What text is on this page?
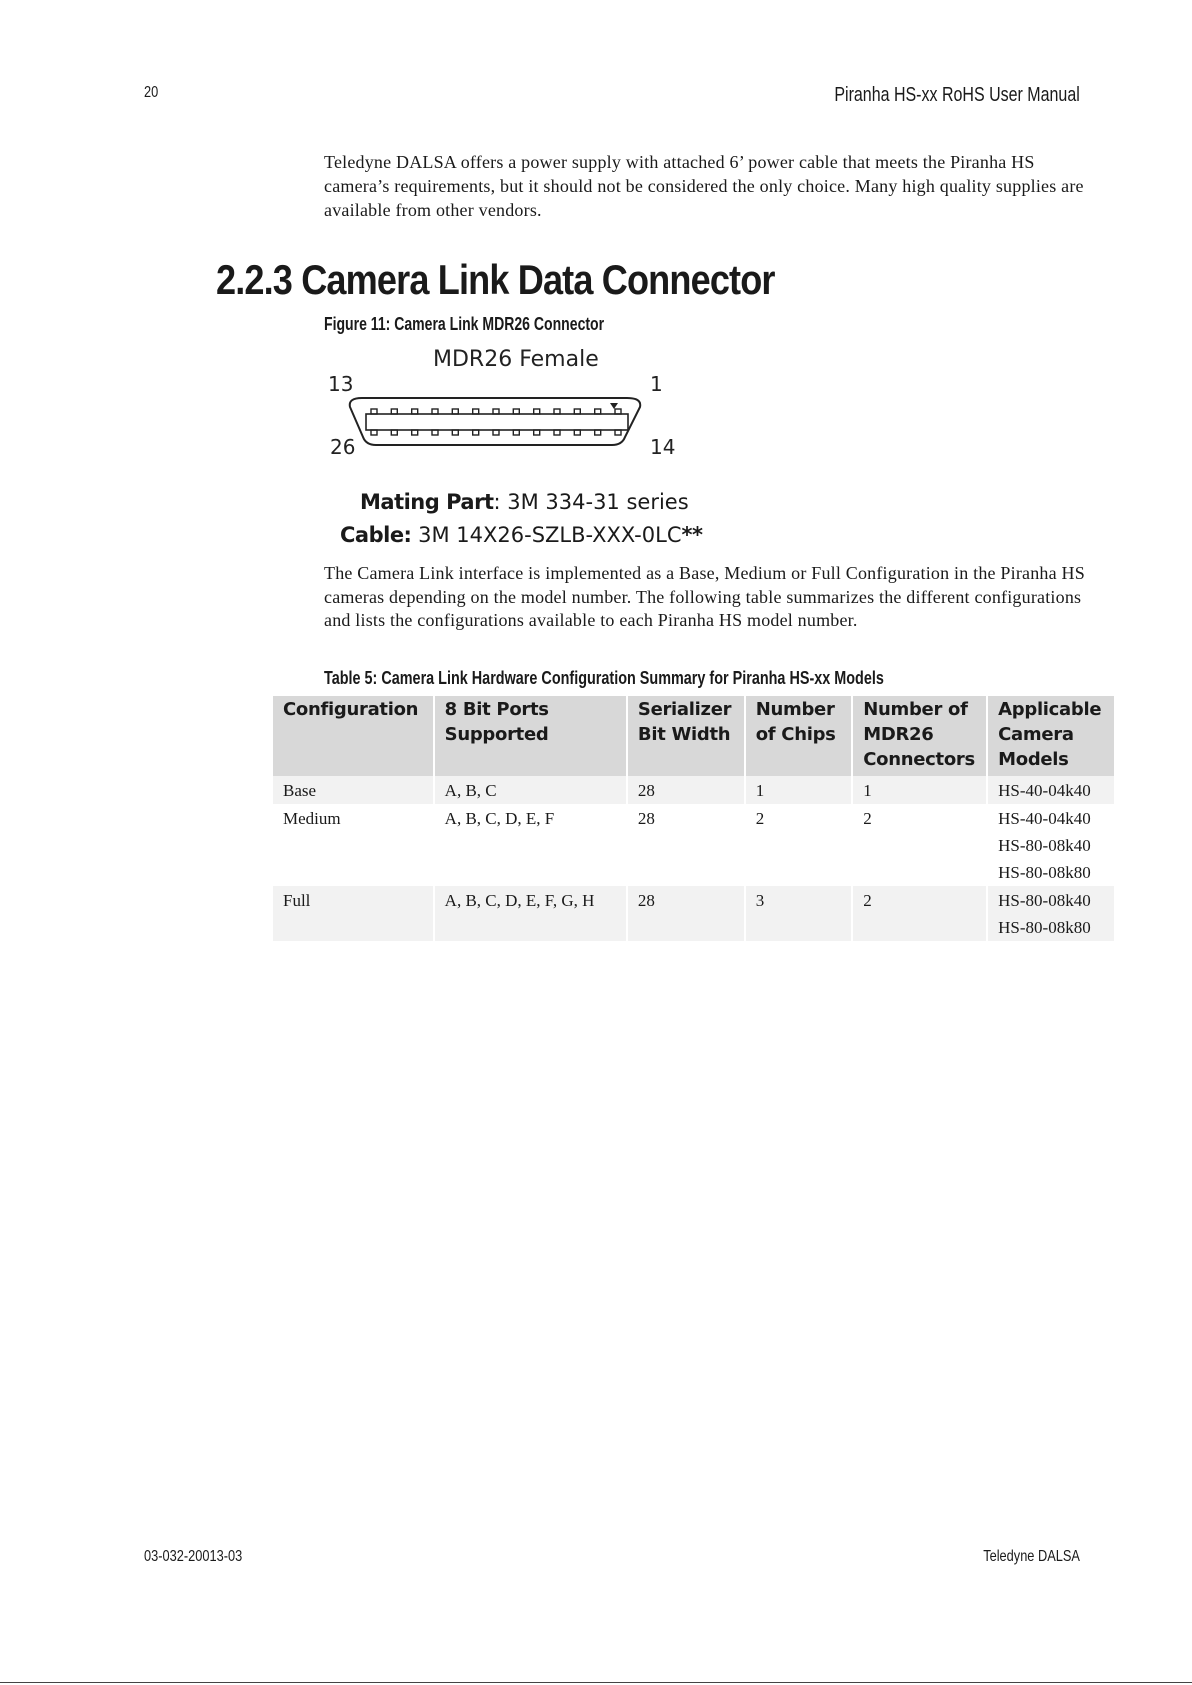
20	Piranha HS-xx RoHS User Manual

Teledyne DALSA offers a power supply with attached 6’ power cable that meets the Piranha HS camera’s requirements, but it should not be considered the only choice. Many high quality supplies are available from other vendors.

2.2.3 Camera Link Data Connector
Figure 11: Camera Link MDR26 Connector
MDR26 Female
13	1
26	14
Mating Part: 3M 334-31 series
Cable: 3M 14X26-SZLB-XXX-0LC**

The Camera Link interface is implemented as a Base, Medium or Full Configuration in the Piranha HS cameras depending on the model number. The following table summarizes the different configurations and lists the configurations available to each Piranha HS model number.

Table 5: Camera Link Hardware Configuration Summary for Piranha HS-xx Models
Configuration	8 Bit Ports Supported	Serializer Bit Width	Number of Chips	Number of MDR26 Connectors	Applicable Camera Models
Base	A, B, C	28	1	1	HS-40-04k40

Medium	A, B, C, D, E, F	28	2	2	HS-40-04k40
HS-80-08k40
HS-80-08k80

Full	A, B, C, D, E, F, G, H	28	3	2	HS-80-08k40
HS-80-08k80
03-032-20013-03	Teledyne DALSA
